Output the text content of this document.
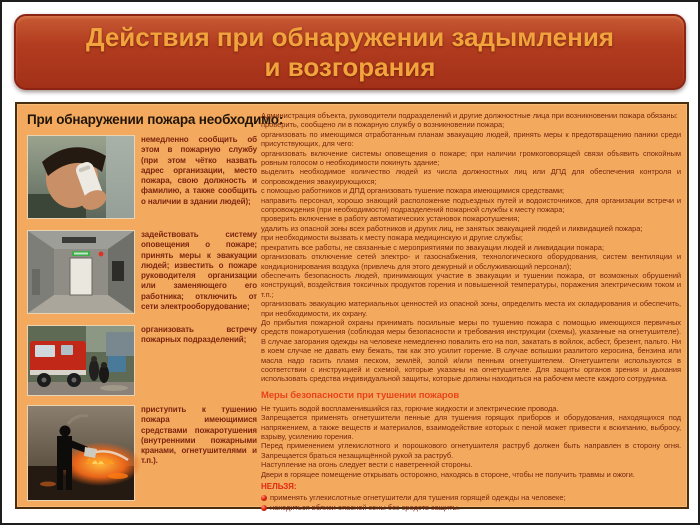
Действия при обнаружении задымления
и возгорания
При обнаружении пожара необходимо:
немедленно сообщить об этом в пожарную службу (при этом чётко назвать адрес организации, место пожара, свою должность и фамилию, а также сообщить о наличии в здании людей);
задействовать систему оповещения о пожаре; принять меры к эвакуации людей; известить о пожаре руководителя организации или заменяющего его работника; отключить от сети электрооборудование;
организовать встречу пожарных подразделений;
приступить к тушению пожара имеющимися средствами пожаротушения (внутренними пожарными кранами, огнетушителями и т.п.).

Администрация объекта, руководители подразделений и другие должностные лица при возникновении пожара обязаны:

проверить, сообщено ли в пожарную службу о возникновении пожара;

организовать по имеющимся отработанным планам эвакуацию людей, принять меры к предотвращению паники среди присутствующих, для чего:

организовать включение системы оповещения о пожаре; при наличии громкоговорящей связи объявить спокойным ровным голосом о необходимости покинуть здание;

выделить необходимое количество людей из числа должностных лиц или ДПД для обеспечения контроля и сопровождения эвакуирующихся;

с помощью работников и ДПД организовать тушение пожара имеющимися средствами;

направить персонал, хорошо знающий расположение подъездных путей и водоисточников, для организации встречи и сопровождения (при необходимости) подразделений пожарной службы к месту пожара;

проверить включение в работу автоматических установок пожаротушения;

удалить из опасной зоны всех работников и других лиц, не занятых эвакуацией людей и ликвидацией пожара;

при необходимости вызвать к месту пожара медицинскую и другие службы;

прекратить все работы, не связанные с мероприятиями по эвакуации людей и ликвидации пожара;

организовать отключение сетей электро- и газоснабжения, технологического оборудования, систем вентиляции и кондиционирования воздуха (привлечь для этого дежурный и обслуживающий персонал);

обеспечить безопасность людей, принимающих участие в эвакуации и тушении пожара, от возможных обрушений конструкций, воздействия токсичных продуктов горения и повышенной температуры, поражения электрическим током и т.п.;

организовать эвакуацию материальных ценностей из опасной зоны, определить места их складирования и обеспечить, при необходимости, их охрану.

До прибытия пожарной охраны принимать посильные меры по тушению пожара с помощью имеющихся первичных средств пожаротушения (соблюдая меры безопасности и требования инструкции (схемы), указанные на огнетушителе). В случае загорания одежды на человеке немедленно повалить его на пол, закатать в войлок, асбест, брезент, пальто. Ни в коем случае не давать ему бежать, так как это усилит горение. В случае вспышки разлитого керосина, бензина или масла надо гасить пламя песком, землёй, золой и/или пенным огнетушителем. Огнетушители используются в соответствии с инструкцией и схемой, которые указаны на огнетушителе. Для защиты органов зрения и дыхания использовать средства индивидуальной защиты, которые должны находиться на рабочем месте каждого сотрудника.

Меры безопасности при тушении пожаров

Не тушить водой воспламенившийся газ, горючие жидкости и электрические провода.

Запрещается применять огнетушители пенные для тушения горящих приборов и оборудования, находящихся под напряжением, а также веществ и материалов, взаимодействие которых с пеной может привести к вскипанию, выбросу, взрыву, усилению горения.

Перед применением углекислотного и порошкового огнетушителя раструб должен быть направлен в сторону огня. Запрещается браться незащищённой рукой за раструб.

Наступление на огонь следует вести с наветренной стороны.

Двери в горящее помещение открывать осторожно, находясь в стороне, чтобы не получить травмы и ожоги.

НЕЛЬЗЯ:
применять углекислотные огнетушители для тушения горящей одежды на человеке;
находиться вблизи опасной зоны без средств защиты.
